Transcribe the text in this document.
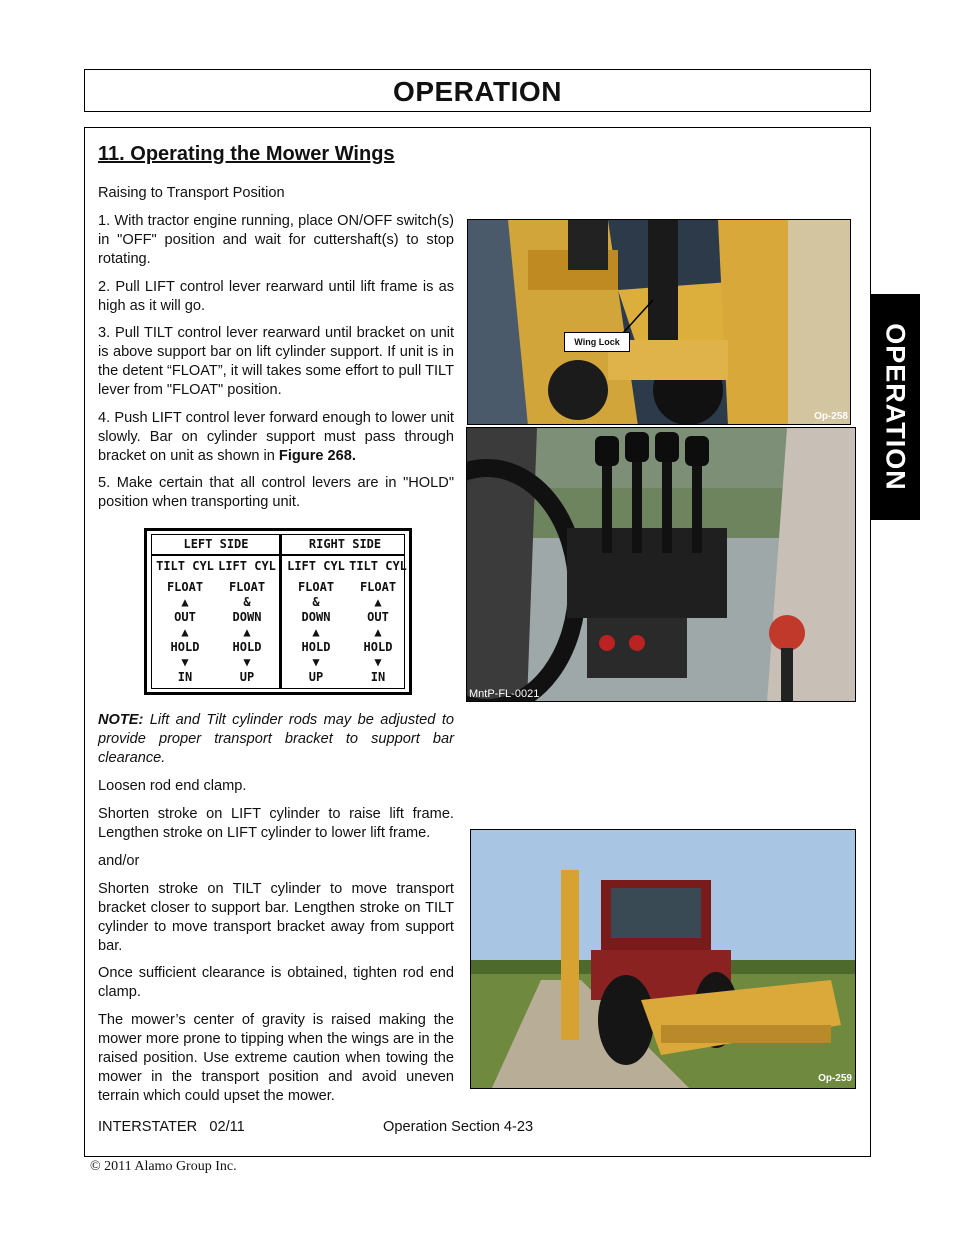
OPERATION
OPERATION
11. Operating the Mower Wings
Raising to Transport Position
1. With tractor engine running, place ON/OFF switch(s) in "OFF" position and wait for cuttershaft(s) to stop rotating.
2. Pull LIFT control lever rearward until lift frame is as high as it will go.
3. Pull TILT control lever rearward until bracket on unit is above support bar on lift cylinder support. If unit is in the detent “FLOAT”, it will takes some effort to pull TILT lever from "FLOAT" position.
4. Push LIFT control lever forward enough to lower unit slowly. Bar on cylinder support must pass through bracket on unit as shown in Figure 268.
5. Make certain that all control levers are in "HOLD" position when transporting unit.
LEFT SIDE	RIGHT SIDE
TILT CYL
FLOAT
▲
OUT
▲
HOLD
▼
IN
LIFT CYL
FLOAT
&
DOWN
▲
HOLD
▼
UP
LIFT CYL
FLOAT
&
DOWN
▲
HOLD
▼
UP
TILT CYL
FLOAT
▲
OUT
▲
HOLD
▼
IN
NOTE: Lift and Tilt cylinder rods may be adjusted to provide proper transport bracket to support bar clearance.
Loosen rod end clamp.
Shorten stroke on LIFT cylinder to raise lift frame. Lengthen stroke on LIFT cylinder to lower lift frame.
and/or
Shorten stroke on TILT cylinder to move transport bracket closer to support bar. Lengthen stroke on TILT cylinder to move transport bracket away from support bar.
Once sufficient clearance is obtained, tighten rod end clamp.
The mower’s center of gravity is raised making the mower more prone to tipping when the wings are in the raised position. Use extreme caution when towing the mower in the transport position and avoid uneven terrain which could upset the mower.
Op-258
Wing Lock
MntP-FL-0021
Op-259
INTERSTATER   02/11	Operation Section 4-23
© 2011 Alamo Group Inc.
